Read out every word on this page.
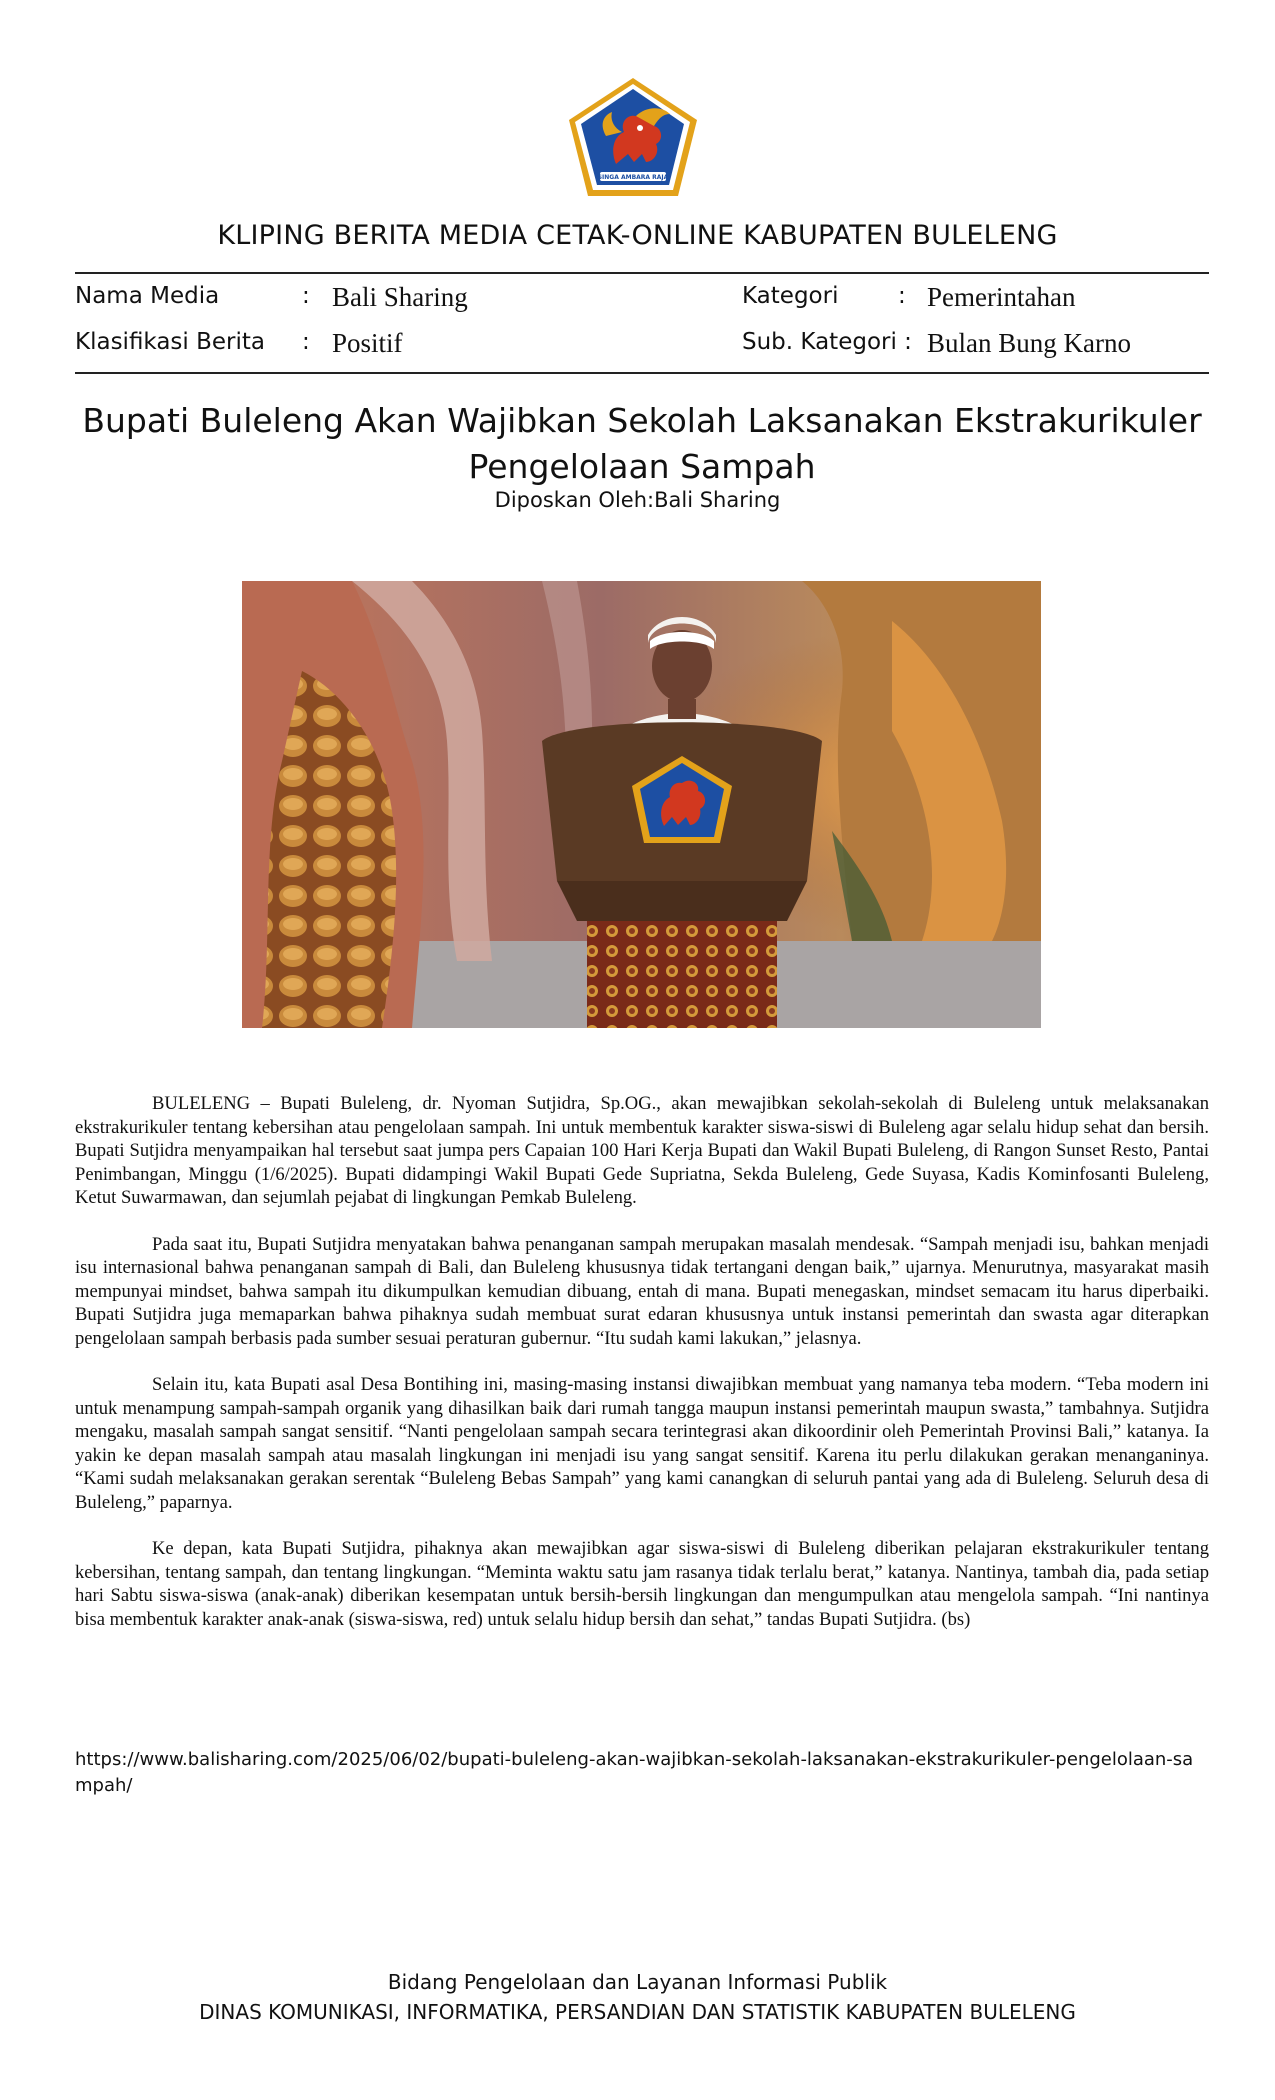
SINGA AMBARA RAJA
KLIPING BERITA MEDIA CETAK-ONLINE KABUPATEN BULELENG
Nama Media	: Bali Sharing
Klasifikasi Berita : Positif
Kategori	: Pemerintahan
Sub. Kategori : Bulan Bung Karno
Bupati Buleleng Akan Wajibkan Sekolah Laksanakan Ekstrakurikuler Pengelolaan Sampah
Diposkan Oleh:Bali Sharing

BULELENG – Bupati Buleleng, dr. Nyoman Sutjidra, Sp.OG., akan mewajibkan sekolah-sekolah di Buleleng untuk melaksanakan ekstrakurikuler tentang kebersihan atau pengelolaan sampah. Ini untuk membentuk karakter siswa-siswi di Buleleng agar selalu hidup sehat dan bersih. Bupati Sutjidra menyampaikan hal tersebut saat jumpa pers Capaian 100 Hari Kerja Bupati dan Wakil Bupati Buleleng, di Rangon Sunset Resto, Pantai Penimbangan, Minggu (1/6/2025). Bupati didampingi Wakil Bupati Gede Supriatna, Sekda Buleleng, Gede Suyasa, Kadis Kominfosanti Buleleng, Ketut Suwarmawan, dan sejumlah pejabat di lingkungan Pemkab Buleleng.

Pada saat itu, Bupati Sutjidra menyatakan bahwa penanganan sampah merupakan masalah mendesak. “Sampah menjadi isu, bahkan menjadi isu internasional bahwa penanganan sampah di Bali, dan Buleleng khususnya tidak tertangani dengan baik,” ujarnya. Menurutnya, masyarakat masih mempunyai mindset, bahwa sampah itu dikumpulkan kemudian dibuang, entah di mana. Bupati menegaskan, mindset semacam itu harus diperbaiki. Bupati Sutjidra juga memaparkan bahwa pihaknya sudah membuat surat edaran khususnya untuk instansi pemerintah dan swasta agar diterapkan pengelolaan sampah berbasis pada sumber sesuai peraturan gubernur. “Itu sudah kami lakukan,” jelasnya.

Selain itu, kata Bupati asal Desa Bontihing ini, masing-masing instansi diwajibkan membuat yang namanya teba modern. “Teba modern ini untuk menampung sampah-sampah organik yang dihasilkan baik dari rumah tangga maupun instansi pemerintah maupun swasta,” tambahnya. Sutjidra mengaku, masalah sampah sangat sensitif. “Nanti pengelolaan sampah secara terintegrasi akan dikoordinir oleh Pemerintah Provinsi Bali,” katanya. Ia yakin ke depan masalah sampah atau masalah lingkungan ini menjadi isu yang sangat sensitif. Karena itu perlu dilakukan gerakan menanganinya. “Kami sudah melaksanakan gerakan serentak “Buleleng Bebas Sampah” yang kami canangkan di seluruh pantai yang ada di Buleleng. Seluruh desa di Buleleng,” paparnya.

Ke depan, kata Bupati Sutjidra, pihaknya akan mewajibkan agar siswa-siswi di Buleleng diberikan pelajaran ekstrakurikuler tentang kebersihan, tentang sampah, dan tentang lingkungan. “Meminta waktu satu jam rasanya tidak terlalu berat,” katanya. Nantinya, tambah dia, pada setiap hari Sabtu siswa-siswa (anak-anak) diberikan kesempatan untuk bersih-bersih lingkungan dan mengumpulkan atau mengelola sampah. “Ini nantinya bisa membentuk karakter anak-anak (siswa-siswa, red) untuk selalu hidup bersih dan sehat,” tandas Bupati Sutjidra. (bs)

https://www.balisharing.com/2025/06/02/bupati-buleleng-akan-wajibkan-sekolah-laksanakan-ekstrakurikuler-pengelolaan-sampah/
Bidang Pengelolaan dan Layanan Informasi Publik
DINAS KOMUNIKASI, INFORMATIKA, PERSANDIAN DAN STATISTIK KABUPATEN BULELENG
